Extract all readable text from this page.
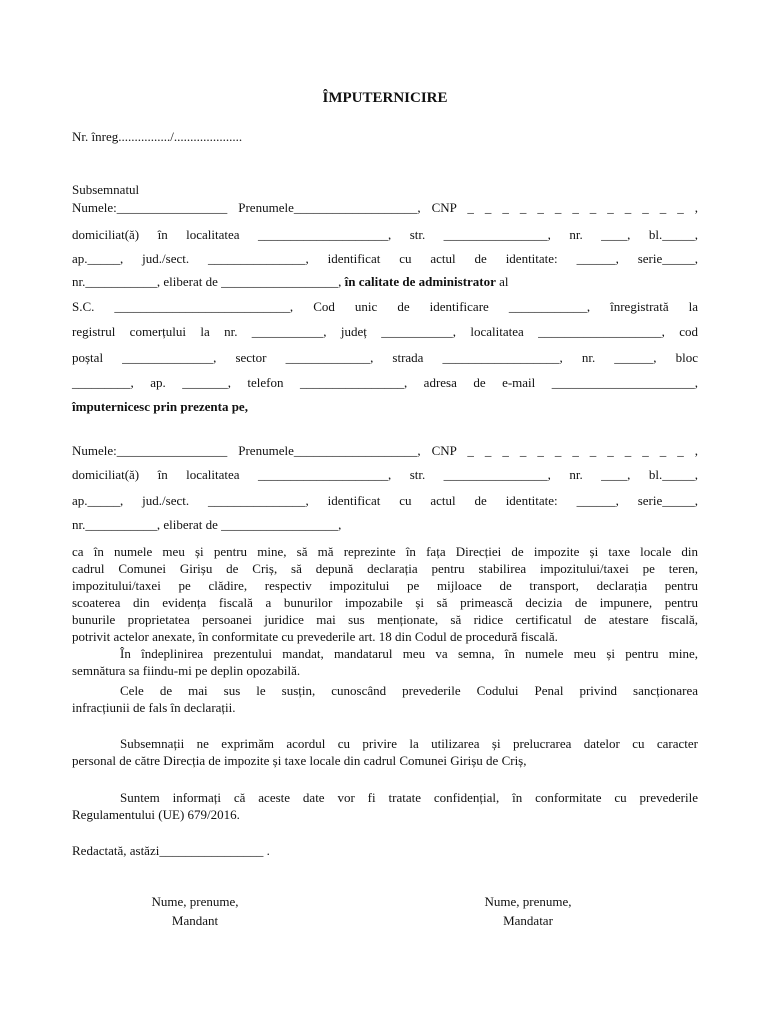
ÎMPUTERNICIRE
Nr. înreg................/.....................
Subsemnatul
Numele:_________________ Prenumele___________________, CNP _ _ _ _ _ _ _ _ _ _ _ _ _ ,
domiciliat(ă) în localitatea ____________________, str. ________________, nr. ____, bl._____,
ap._____, jud./sect. _______________, identificat cu actul de identitate: ______, serie_____,
nr.___________, eliberat de __________________, în calitate de administrator al
S.C. ___________________________, Cod unic de identificare ____________, înregistrată la
registrul comerțului la nr. ___________, județ ___________, localitatea ___________________, cod
poștal ______________, sector _____________, strada __________________, nr. ______, bloc
_________, ap. _______, telefon ________________, adresa de e-mail ______________________,
împuternicesc prin prezenta pe,
Numele:_________________ Prenumele___________________, CNP _ _ _ _ _ _ _ _ _ _ _ _ _ ,
domiciliat(ă) în localitatea ____________________, str. ________________, nr. ____, bl._____,
ap._____, jud./sect. _______________, identificat cu actul de identitate: ______, serie_____,
nr.___________, eliberat de __________________,
ca în numele meu și pentru mine, să mă reprezinte în fața Direcției de impozite și taxe locale din
cadrul Comunei Girișu de Criș, să depună declarația pentru stabilirea impozitului/taxei pe teren,
impozitului/taxei pe clădire, respectiv impozitului pe mijloace de transport, declarația pentru
scoaterea din evidența fiscală a bunurilor impozabile și să primească decizia de impunere, pentru
bunurile proprietatea persoanei juridice mai sus menționate, să ridice certificatul de atestare fiscală,
potrivit actelor anexate, în conformitate cu prevederile art. 18 din Codul de procedură fiscală.
În îndeplinirea prezentului mandat, mandatarul meu va semna, în numele meu și pentru mine,
semnătura sa fiindu-mi pe deplin opozabilă.
Cele de mai sus le susțin, cunoscând prevederile Codului Penal privind sancționarea
infracțiunii de fals în declarații.
Subsemnații ne exprimăm acordul cu privire la utilizarea și prelucrarea datelor cu caracter
personal de către Direcția de impozite și taxe locale din cadrul Comunei Girișu de Criș,
Suntem informați că aceste date vor fi tratate confidențial, în conformitate cu prevederile
Regulamentului (UE) 679/2016.
Redactată, astăzi________________ .
Nume, prenume,
Mandant
Nume, prenume,
Mandatar
